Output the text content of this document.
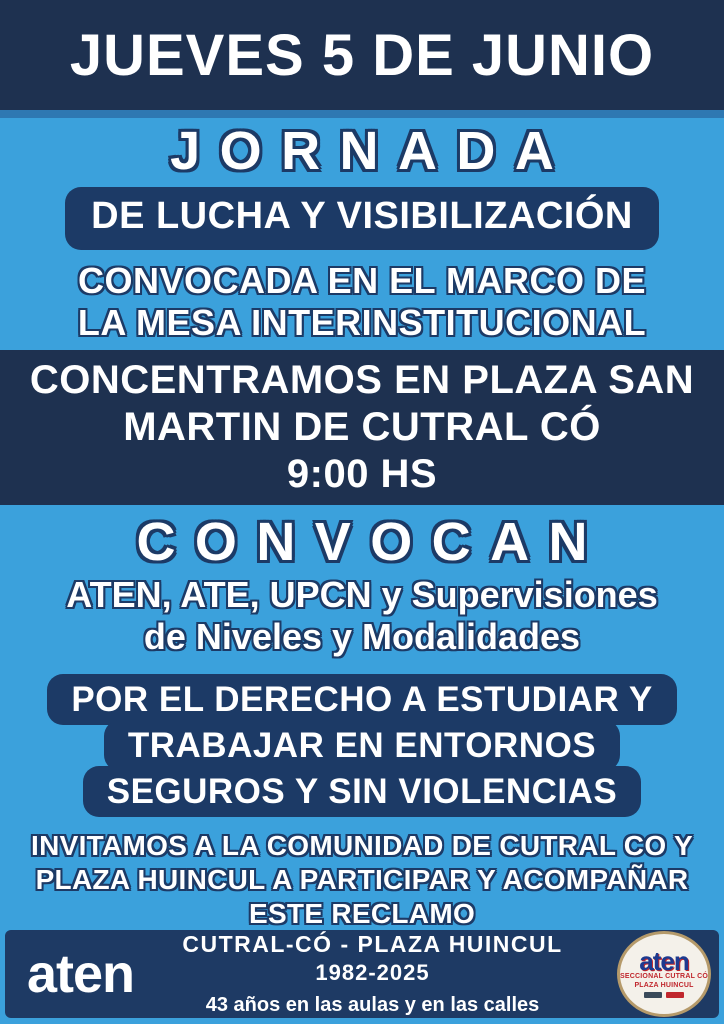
JUEVES 5 DE JUNIO
JORNADA
DE LUCHA Y VISIBILIZACIÓN
CONVOCADA EN EL MARCO DE
LA MESA INTERINSTITUCIONAL
CONCENTRAMOS EN PLAZA SAN
MARTIN DE CUTRAL CÓ
9:00 HS
CONVOCAN
ATEN, ATE, UPCN y Supervisiones
de Niveles y Modalidades
POR EL DERECHO A ESTUDIAR Y
TRABAJAR EN ENTORNOS
SEGUROS Y SIN VIOLENCIAS
INVITAMOS A LA COMUNIDAD DE CUTRAL CO Y
PLAZA HUINCUL A PARTICIPAR Y ACOMPAÑAR
ESTE RECLAMO
aten	CUTRAL-CÓ - PLAZA HUINCUL
1982-2025
43 años en las aulas y en las calles
aten
SECCIONAL CUTRAL CÓ
PLAZA HUINCUL
